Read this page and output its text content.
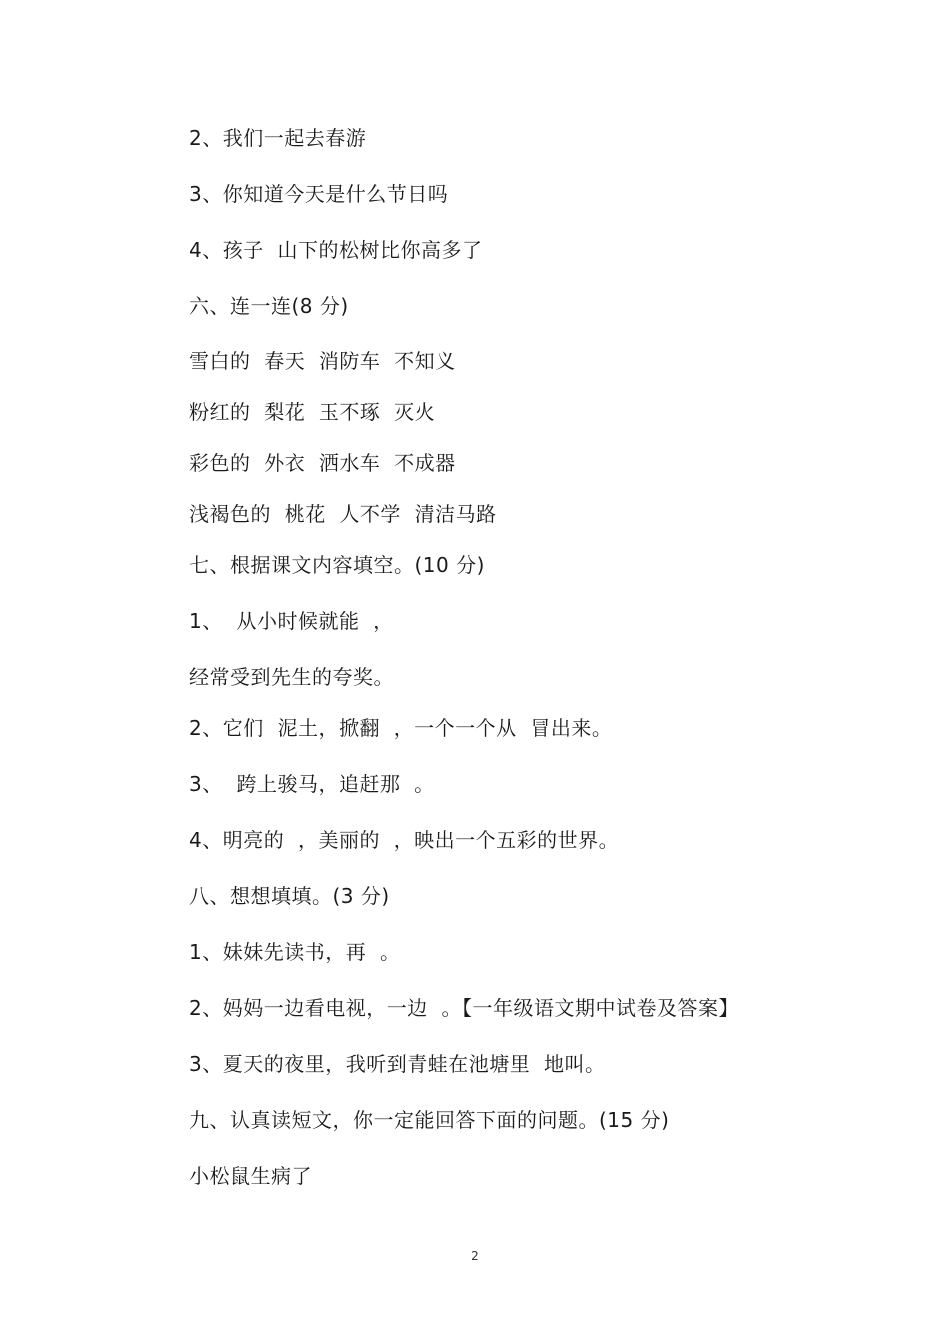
2、我们一起去春游
3、你知道今天是什么节日吗
4、孩子  山下的松树比你高多了
六、连一连(8 分)
雪白的  春天  消防车  不知义
粉红的  梨花  玉不琢  灭火
彩色的  外衣  洒水车  不成器
浅褐色的  桃花  人不学  清洁马路
七、根据课文内容填空。(10 分)
1、  从小时候就能  ，
经常受到先生的夸奖。
2、它们  泥土，掀翻  ，一个一个从  冒出来。
3、  跨上骏马，追赶那  。
4、明亮的  ，美丽的  ，映出一个五彩的世界。
八、想想填填。(3 分)
1、妹妹先读书，再  。
2、妈妈一边看电视，一边  。【一年级语文期中试卷及答案】
3、夏天的夜里，我听到青蛙在池塘里  地叫。
九、认真读短文，你一定能回答下面的问题。(15 分)
小松鼠生病了
2
